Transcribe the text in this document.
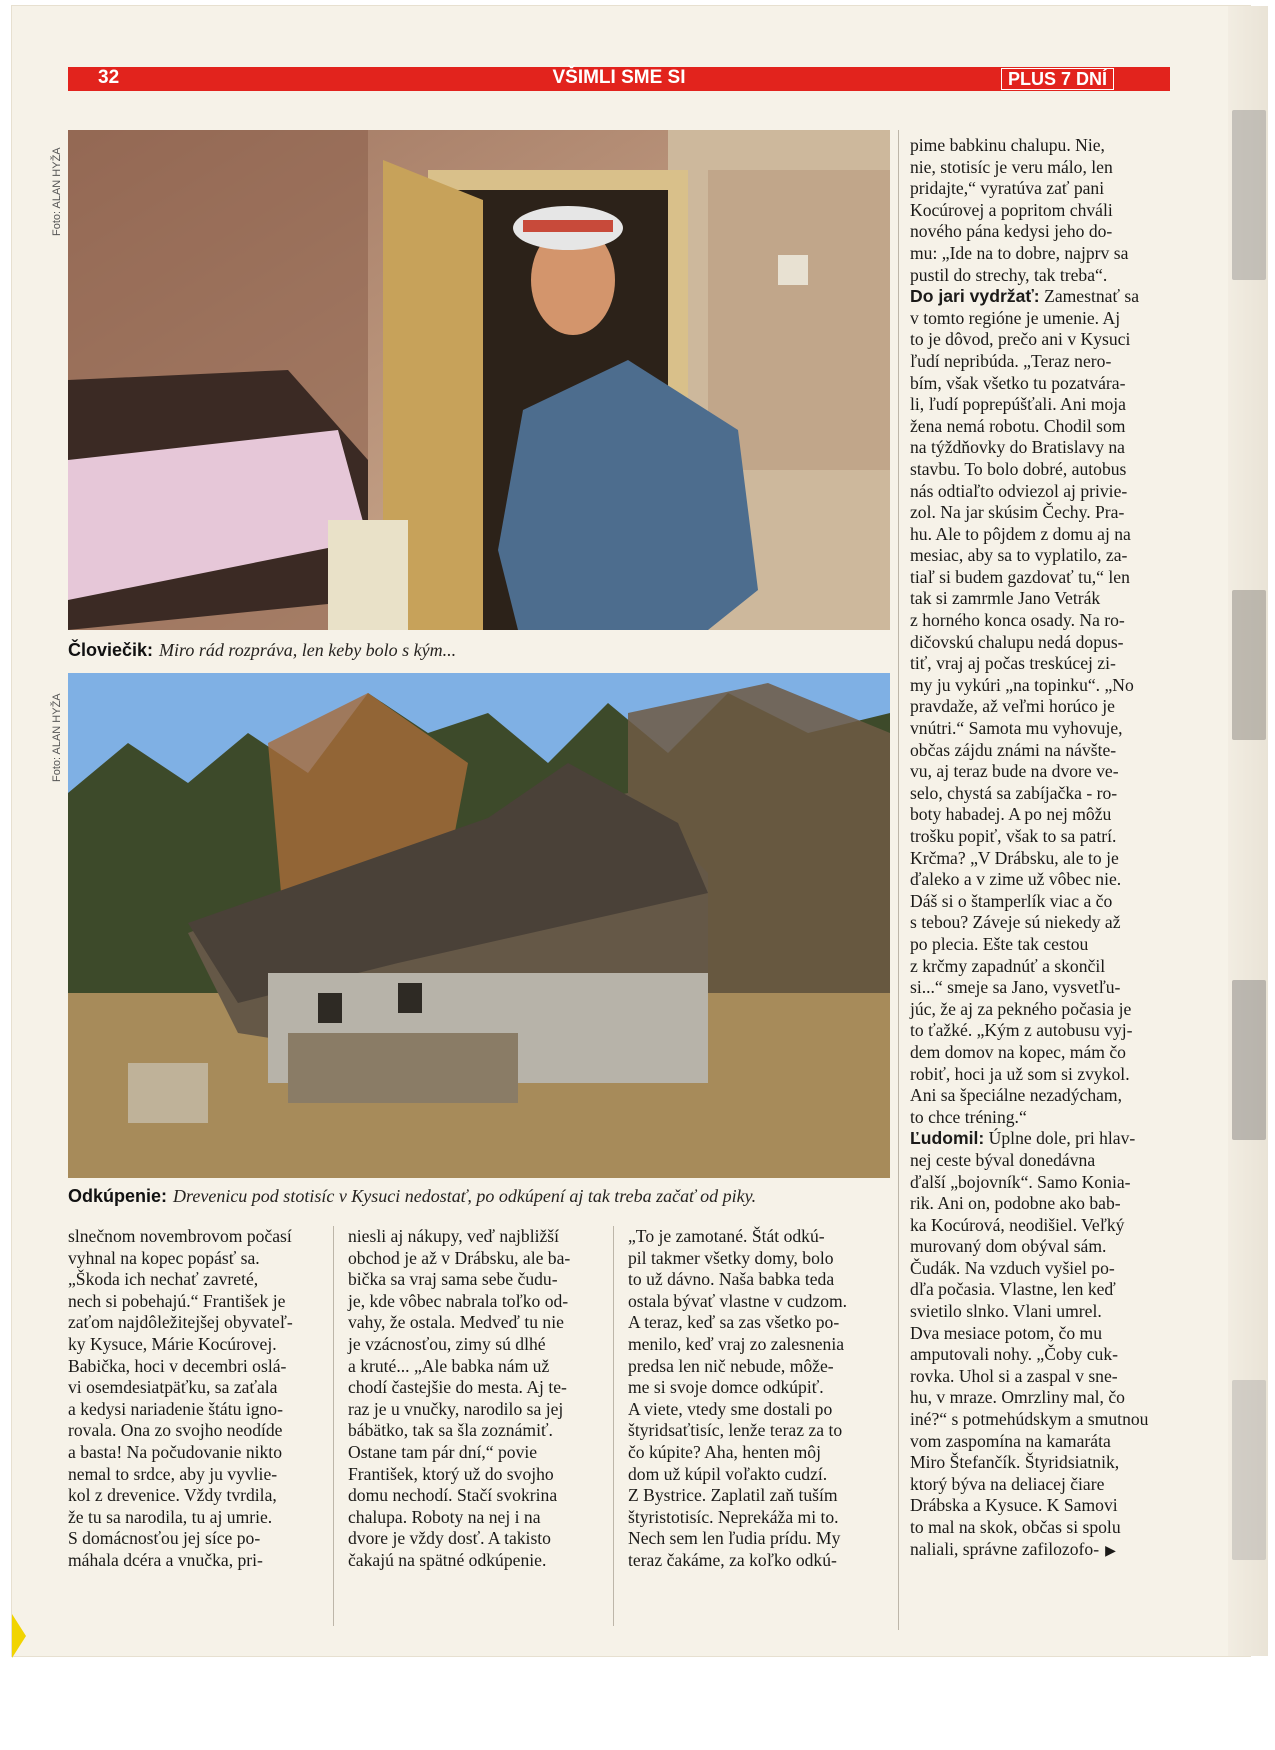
32	VŠIMLI SME SI	PLUS 7 DNÍ
Foto: ALAN HYŽA
Človiečik: Miro rád rozpráva, len keby bolo s kým...
Foto: ALAN HYŽA
Odkúpenie: Drevenicu pod stotisíc v Kysuci nedostať, po odkúpení aj tak treba začať od piky.
slnečnom novembrovom počasí
vyhnal na kopec popásť sa.
„Škoda ich nechať zavreté,
nech si pobehajú.“ František je
zaťom najdôležitejšej obyvateľ-
ky Kysuce, Márie Kocúrovej.
Babička, hoci v decembri oslá-
vi osemdesiatpäťku, sa zaťala
a kedysi nariadenie štátu igno-
rovala. Ona zo svojho neodíde
a basta! Na počudovanie nikto
nemal to srdce, aby ju vyvlie-
kol z drevenice. Vždy tvrdila,
že tu sa narodila, tu aj umrie.
S domácnosťou jej síce po-
máhala dcéra a vnučka, pri-
niesli aj nákupy, veď najbližší
obchod je až v Drábsku, ale ba-
bička sa vraj sama sebe čudu-
je, kde vôbec nabrala toľko od-
vahy, že ostala. Medveď tu nie
je vzácnosťou, zimy sú dlhé
a kruté... „Ale babka nám už
chodí častejšie do mesta. Aj te-
raz je u vnučky, narodilo sa jej
bábätko, tak sa šla zoznámiť.
Ostane tam pár dní,“ povie
František, ktorý už do svojho
domu nechodí. Stačí svokrina
chalupa. Roboty na nej i na
dvore je vždy dosť. A takisto
čakajú na spätné odkúpenie.
„To je zamotané. Štát odkú-
pil takmer všetky domy, bolo
to už dávno. Naša babka teda
ostala bývať vlastne v cudzom.
A teraz, keď sa zas všetko po-
menilo, keď vraj zo zalesnenia
predsa len nič nebude, môže-
me si svoje domce odkúpiť.
A viete, vtedy sme dostali po
štyridsaťtisíc, lenže teraz za to
čo kúpite? Aha, henten môj
dom už kúpil voľakto cudzí.
Z Bystrice. Zaplatil zaň tuším
štyristotisíc. Neprekáža mi to.
Nech sem len ľudia prídu. My
teraz čakáme, za koľko odkú-
pime babkinu chalupu. Nie,
nie, stotisíc je veru málo, len
pridajte,“ vyratúva zať pani
Kocúrovej a popritom chváli
nového pána kedysi jeho do-
mu: „Ide na to dobre, najprv sa
pustil do strechy, tak treba“.
Do jari vydržať: Zamestnať sa
v tomto regióne je umenie. Aj
to je dôvod, prečo ani v Kysuci
ľudí nepribúda. „Teraz nero-
bím, však všetko tu pozatvára-
li, ľudí poprepúšťali. Ani moja
žena nemá robotu. Chodil som
na týždňovky do Bratislavy na
stavbu. To bolo dobré, autobus
nás odtiaľto odviezol aj privie-
zol. Na jar skúsim Čechy. Pra-
hu. Ale to pôjdem z domu aj na
mesiac, aby sa to vyplatilo, za-
tiaľ si budem gazdovať tu,“ len
tak si zamrmle Jano Vetrák
z horného konca osady. Na ro-
dičovskú chalupu nedá dopus-
tiť, vraj aj počas treskúcej zi-
my ju vykúri „na topinku“. „No
pravdaže, až veľmi horúco je
vnútri.“ Samota mu vyhovuje,
občas zájdu známi na návšte-
vu, aj teraz bude na dvore ve-
selo, chystá sa zabíjačka - ro-
boty habadej. A po nej môžu
trošku popiť, však to sa patrí.
Krčma? „V Drábsku, ale to je
ďaleko a v zime už vôbec nie.
Dáš si o štamperlík viac a čo
s tebou? Záveje sú niekedy až
po plecia. Ešte tak cestou
z krčmy zapadnúť a skončil
si...“ smeje sa Jano, vysvetľu-
júc, že aj za pekného počasia je
to ťažké. „Kým z autobusu vyj-
dem domov na kopec, mám čo
robiť, hoci ja už som si zvykol.
Ani sa špeciálne nezadýcham,
to chce tréning.“
Ľudomil: Úplne dole, pri hlav-
nej ceste býval donedávna
ďalší „bojovník“. Samo Konia-
rik. Ani on, podobne ako bab-
ka Kocúrová, neodišiel. Veľký
murovaný dom obýval sám.
Čudák. Na vzduch vyšiel po-
dľa počasia. Vlastne, len keď
svietilo slnko. Vlani umrel.
Dva mesiace potom, čo mu
amputovali nohy. „Čoby cuk-
rovka. Uhol si a zaspal v sne-
hu, v mraze. Omrzliny mal, čo
iné?“ s potmehúdskym a smutnou
vom zaspomína na kamaráta
Miro Štefančík. Štyridsiatnik,
ktorý býva na deliacej čiare
Drábska a Kysuce. K Samovi
to mal na skok, občas si spolu
naliali, správne zafilozofo- ▶
